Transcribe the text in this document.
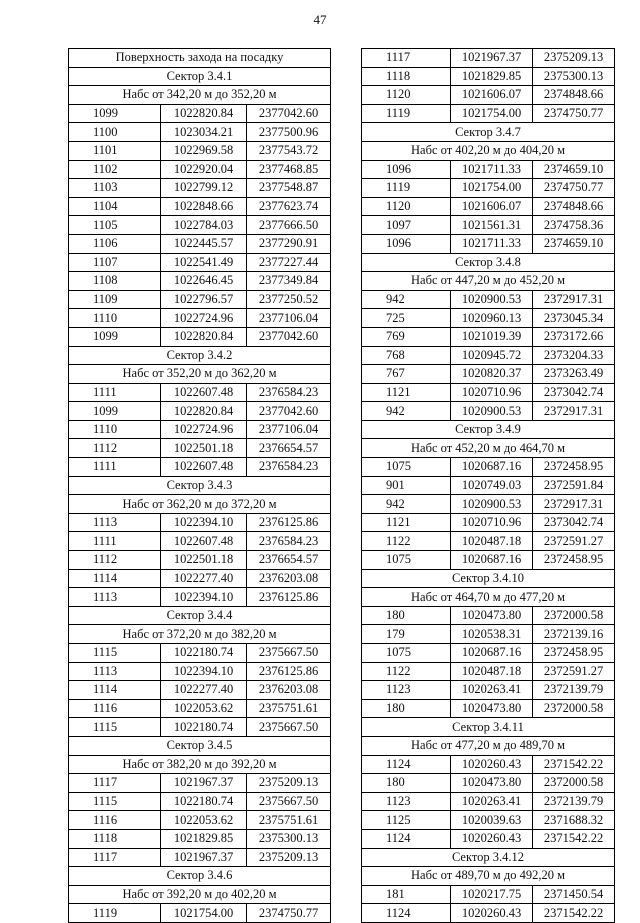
47
Поверхность захода на посадку		
Сектор 3.4.1		
Набс от 342,20 м до 352,20 м		
1099	1022820.84	2377042.60
1100	1023034.21	2377500.96
1101	1022969.58	2377543.72
1102	1022920.04	2377468.85
1103	1022799.12	2377548.87
1104	1022848.66	2377623.74
1105	1022784.03	2377666.50
1106	1022445.57	2377290.91
1107	1022541.49	2377227.44
1108	1022646.45	2377349.84
1109	1022796.57	2377250.52
1110	1022724.96	2377106.04
1099	1022820.84	2377042.60
Сектор 3.4.2		
Набс от 352,20 м до 362,20 м		
1111	1022607.48	2376584.23
1099	1022820.84	2377042.60
1110	1022724.96	2377106.04
1112	1022501.18	2376654.57
1111	1022607.48	2376584.23
Сектор 3.4.3		
Набс от 362,20 м до 372,20 м		
1113	1022394.10	2376125.86
1111	1022607.48	2376584.23
1112	1022501.18	2376654.57
1114	1022277.40	2376203.08
1113	1022394.10	2376125.86
Сектор 3.4.4		
Набс от 372,20 м до 382,20 м		
1115	1022180.74	2375667.50
1113	1022394.10	2376125.86
1114	1022277.40	2376203.08
1116	1022053.62	2375751.61
1115	1022180.74	2375667.50
Сектор 3.4.5		
Набс от 382,20 м до 392,20 м		
1117	1021967.37	2375209.13
1115	1022180.74	2375667.50
1116	1022053.62	2375751.61
1118	1021829.85	2375300.13
1117	1021967.37	2375209.13
Сектор 3.4.6		
Набс от 392,20 м до 402,20 м		
1119	1021754.00	2374750.77
1117	1021967.37	2375209.13
1118	1021829.85	2375300.13
1120	1021606.07	2374848.66
1119	1021754.00	2374750.77
Сектор 3.4.7		
Набс от 402,20 м до 404,20 м		
1096	1021711.33	2374659.10
1119	1021754.00	2374750.77
1120	1021606.07	2374848.66
1097	1021561.31	2374758.36
1096	1021711.33	2374659.10
Сектор 3.4.8		
Набс от 447,20 м до 452,20 м		
942	1020900.53	2372917.31
725	1020960.13	2373045.34
769	1021019.39	2373172.66
768	1020945.72	2373204.33
767	1020820.37	2373263.49
1121	1020710.96	2373042.74
942	1020900.53	2372917.31
Сектор 3.4.9		
Набс от 452,20 м до 464,70 м		
1075	1020687.16	2372458.95
901	1020749.03	2372591.84
942	1020900.53	2372917.31
1121	1020710.96	2373042.74
1122	1020487.18	2372591.27
1075	1020687.16	2372458.95
Сектор 3.4.10		
Набс от 464,70 м до 477,20 м		
180	1020473.80	2372000.58
179	1020538.31	2372139.16
1075	1020687.16	2372458.95
1122	1020487.18	2372591.27
1123	1020263.41	2372139.79
180	1020473.80	2372000.58
Сектор 3.4.11		
Набс от 477,20 м до 489,70 м		
1124	1020260.43	2371542.22
180	1020473.80	2372000.58
1123	1020263.41	2372139.79
1125	1020039.63	2371688.32
1124	1020260.43	2371542.22
Сектор 3.4.12		
Набс от 489,70 м до 492,20 м		
181	1020217.75	2371450.54
1124	1020260.43	2371542.22
